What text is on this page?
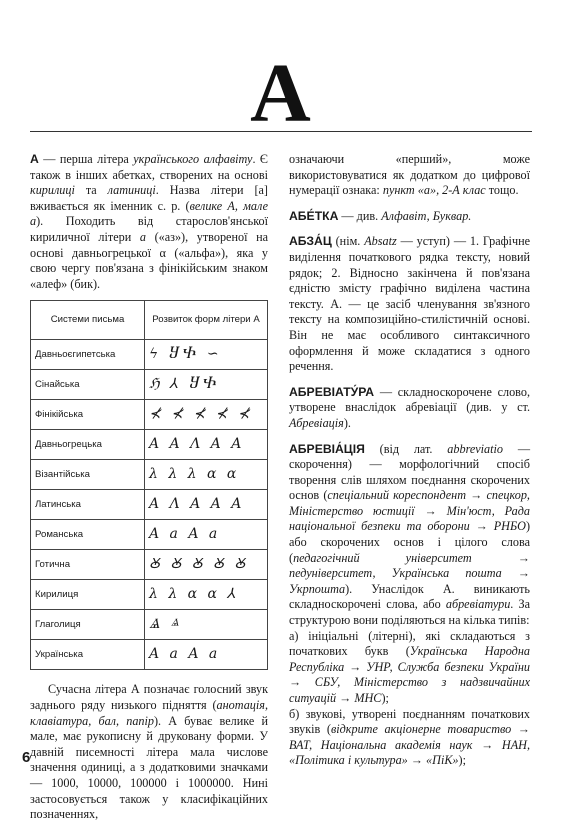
А

А — перша літера українського алфавіту. Є також в інших абетках, створених на основі кирилиці та латиниці. Назва літери [а] вживається як іменник с. р. (велике А, мале а). Походить від старослов'янської кириличної літери а («аз»), утвореної на основі давньогрецької α («альфа»), яка у свою чергу пов'язана з фінікійським знаком «алеф» (бик).

Системи письма	Розвиток форм літери А
Давньоєгипетська	ϟ ႸႵ ∽
Сінайська	ℌ ⅄ ႸႵ
Фінікійська	⊀ ⊀ ⊀ ⊀ ⊀
Давньогрецька	A A Λ A A
Візантійська	λ λ λ α α
Латинська	A Λ A A A
Романська	A a A a
Готична	Ꙋ Ꙋ Ꙋ Ꙋ Ꙋ
Кирилиця	λ λ α α ⅄
Глаголиця	Ⱑ ⱑ
Українська	A a A a

Сучасна літера А позначає голосний звук заднього ряду низького підняття (анотація, клавіатура, бал, папір). А буває велике й мале, має рукописну й друковану форми. У давній писемності літера мала числове значення одиниці, а з додатковими значками — 1000, 10000, 100000 і 1000000. Нині застосовується також у класифікаційних позначеннях,

означаючи «перший», може використовуватися як додатком до цифрової нумерації ознака: пункт «а», 2-А клас тощо.

АБЕ́ТКА — див. Алфавіт, Буквар.

АБЗА́Ц (нім. Absatz — уступ) — 1. Графічне виділення початкового рядка тексту, новий рядок; 2. Відносно закінчена й пов'язана єдністю змісту графічно виділена частина тексту. А. — це засіб членування зв'язного тексту на композиційно-стилістичній основі. Він не має особливого синтаксичного оформлення й може складатися з одного речення.

АБРЕВІАТУ́РА — складноскорочене слово, утворене внаслідок абревіації (див. у ст. Абревіація).

АБРЕВІА́ЦІЯ (від лат. abbreviatio — скорочення) — морфологічний спосіб творення слів шляхом поєднання скорочених основ (спеціальний кореспондент → спецкор, Міністерство юстиції → Мін'юст, Рада національної безпеки та оборони → РНБО) або скорочених основ і цілого слова (педагогічний університет → педуніверситет, Українська пошта → Укрпошта). Унаслідок А. виникають складноскорочені слова, або абревіатури. За структурою вони поділяються на кілька типів:

а) ініціальні (літерні), які складаються з початкових букв (Українська Народна Республіка → УНР, Служба безпеки України → СБУ, Міністерство з надзвичайних ситуацій → МНС);

б) звукові, утворені поєднанням початкових звуків (відкрите акціонерне товариство → ВАТ, Національна академія наук → НАН, «Політика і культура» → «ПіК»);

6
